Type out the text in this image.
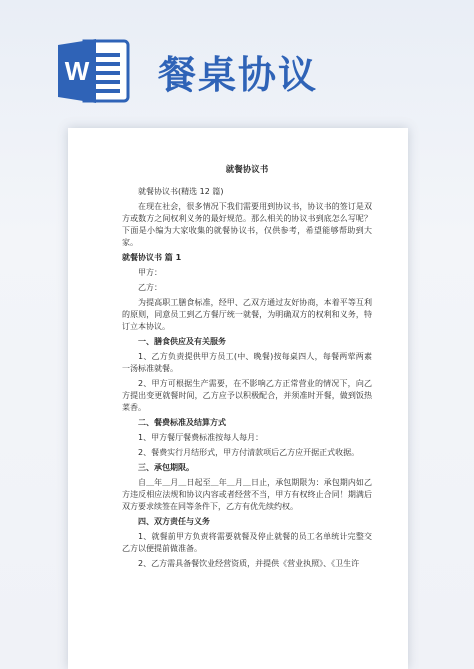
W 餐桌协议
就餐协议书
就餐协议书(精选 12 篇)
在现在社会，很多情况下我们需要用到协议书，协议书的签订是双方或数方之间权利义务的最好规范。那么相关的协议书到底怎么写呢？下面是小编为大家收集的就餐协议书，仅供参考，希望能够帮助到大家。
就餐协议书 篇 1
甲方：
乙方：
为提高职工膳食标准，经甲、乙双方通过友好协商，本着平等互利的原则，同意员工到乙方餐厅统一就餐，为明确双方的权利和义务，特订立本协议。
一、膳食供应及有关服务
1、乙方负责提供甲方员工(中、晚餐)按每桌四人，每餐两荤两素一汤标准就餐。
2、甲方可根据生产需要，在不影响乙方正常营业的情况下，向乙方提出变更就餐时间，乙方应予以积极配合，并须准时开餐，做到饭热菜香。
二、餐费标准及结算方式
1、甲方餐厅餐费标准按每人每月：
2、餐费实行月结形式，甲方付清款项后乙方应开据正式收据。
三、承包期限。
自＿年＿月＿日起至＿年＿月＿日止，承包期限为：承包期内如乙方违反相应法规和协议内容或者经营不当，甲方有权终止合同！期满后双方要求续签在同等条件下，乙方有优先续约权。
四、双方责任与义务
1、就餐前甲方负责将需要就餐及停止就餐的员工名单统计完整交乙方以便提前做准备。
2、乙方需具备餐饮业经营资质，并提供《营业执照》、《卫生许
